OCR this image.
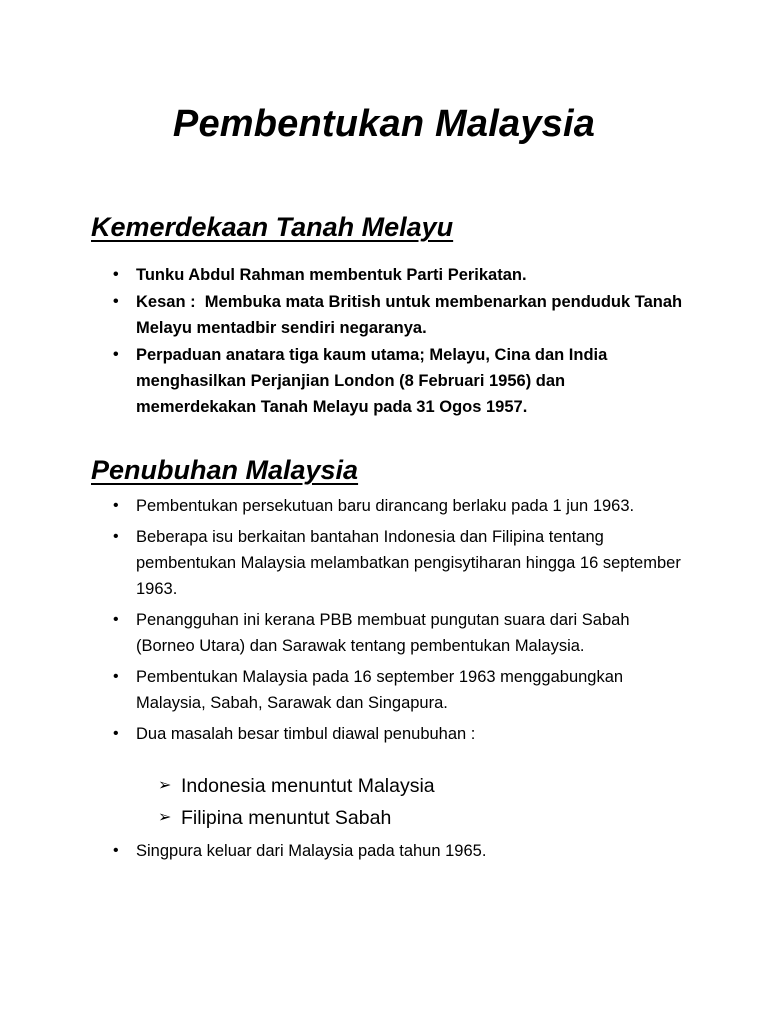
Pembentukan Malaysia
Kemerdekaan Tanah Melayu
•	Tunku Abdul Rahman membentuk Parti Perikatan.
•	Kesan :  Membuka mata British untuk membenarkan penduduk Tanah Melayu mentadbir sendiri negaranya.
•	Perpaduan anatara tiga kaum utama; Melayu, Cina dan India menghasilkan Perjanjian London (8 Februari 1956) dan memerdekakan Tanah Melayu pada 31 Ogos 1957.
Penubuhan Malaysia
•	Pembentukan persekutuan baru dirancang berlaku pada 1 jun 1963.
•	Beberapa isu berkaitan bantahan Indonesia dan Filipina tentang pembentukan Malaysia melambatkan pengisytiharan hingga 16 september 1963.
•	Penangguhan ini kerana PBB membuat pungutan suara dari Sabah (Borneo Utara) dan Sarawak tentang pembentukan Malaysia.
•	Pembentukan Malaysia pada 16 september 1963 menggabungkan Malaysia, Sabah, Sarawak dan Singapura.
•	Dua masalah besar timbul diawal penubuhan :
➢ Indonesia menuntut Malaysia
➢ Filipina menuntut Sabah
•	Singpura keluar dari Malaysia pada tahun 1965.
